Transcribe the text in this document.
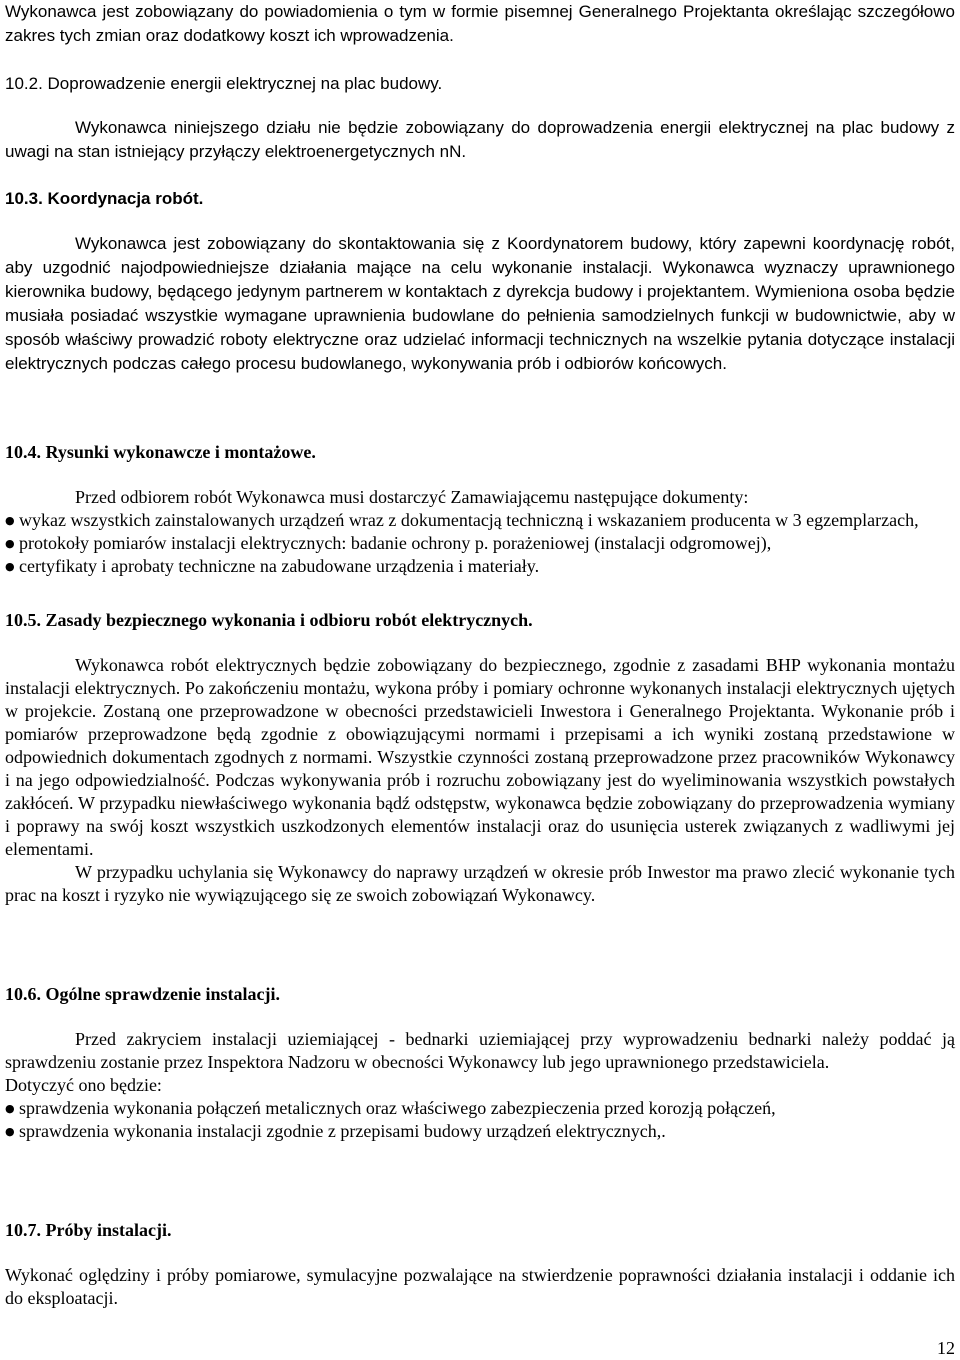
Wykonawca jest zobowiązany do powiadomienia o tym w formie pisemnej Generalnego Projektanta określając szczegółowo zakres tych zmian oraz dodatkowy koszt ich wprowadzenia.

10.2. Doprowadzenie energii elektrycznej na plac budowy.

Wykonawca niniejszego działu nie będzie zobowiązany do doprowadzenia energii elektrycznej na plac budowy z uwagi na stan istniejący przyłączy elektroenergetycznych nN.

10.3. Koordynacja robót.

Wykonawca jest zobowiązany do skontaktowania się z Koordynatorem budowy, który zapewni koordynację robót, aby uzgodnić najodpowiedniejsze działania mające na celu wykonanie instalacji. Wykonawca wyznaczy uprawnionego kierownika budowy, będącego jedynym partnerem w kontaktach z dyrekcja budowy i projektantem. Wymieniona osoba będzie musiała posiadać wszystkie wymagane uprawnienia budowlane do pełnienia samodzielnych funkcji w budownictwie, aby w sposób właściwy prowadzić roboty elektryczne oraz udzielać informacji technicznych na wszelkie pytania dotyczące instalacji elektrycznych podczas całego procesu budowlanego, wykonywania prób i odbiorów końcowych.

10.4. Rysunki wykonawcze i montażowe.

Przed odbiorem robót Wykonawca musi dostarczyć Zamawiającemu następujące dokumenty:

● wykaz wszystkich zainstalowanych urządzeń wraz z dokumentacją techniczną i wskazaniem producenta w 3 egzemplarzach,
● protokoły pomiarów instalacji elektrycznych: badanie ochrony p. porażeniowej (instalacji odgromowej),
● certyfikaty i aprobaty techniczne na zabudowane urządzenia i materiały.
10.5. Zasady bezpiecznego wykonania i odbioru robót elektrycznych.

Wykonawca robót elektrycznych będzie zobowiązany do bezpiecznego, zgodnie z zasadami BHP wykonania montażu instalacji elektrycznych. Po zakończeniu montażu, wykona próby i pomiary ochronne wykonanych instalacji elektrycznych ujętych w projekcie. Zostaną one przeprowadzone w obecności przedstawicieli Inwestora i Generalnego Projektanta. Wykonanie prób i pomiarów przeprowadzone będą zgodnie z obowiązującymi normami i przepisami a ich wyniki zostaną przedstawione w odpowiednich dokumentach zgodnych z normami. Wszystkie czynności zostaną przeprowadzone przez pracowników Wykonawcy i na jego odpowiedzialność. Podczas wykonywania prób i rozruchu zobowiązany jest do wyeliminowania wszystkich powstałych zakłóceń. W przypadku niewłaściwego wykonania bądź odstępstw, wykonawca będzie zobowiązany do przeprowadzenia wymiany i poprawy na swój koszt wszystkich uszkodzonych elementów instalacji oraz do usunięcia usterek związanych z wadliwymi jej elementami.

W przypadku uchylania się Wykonawcy do naprawy urządzeń w okresie prób Inwestor ma prawo zlecić wykonanie tych prac na koszt i ryzyko nie wywiązującego się ze swoich zobowiązań Wykonawcy.

10.6. Ogólne sprawdzenie instalacji.

Przed zakryciem instalacji uziemiającej - bednarki uziemiającej przy wyprowadzeniu bednarki należy poddać ją sprawdzeniu zostanie przez Inspektora Nadzoru w obecności Wykonawcy lub jego uprawnionego przedstawiciela.

Dotyczyć ono będzie:

● sprawdzenia wykonania połączeń metalicznych oraz właściwego zabezpieczenia przed korozją połączeń,
● sprawdzenia wykonania instalacji zgodnie z przepisami budowy urządzeń elektrycznych,.
10.7. Próby instalacji.

Wykonać oględziny i próby pomiarowe, symulacyjne pozwalające na stwierdzenie poprawności działania instalacji i oddanie ich do eksploatacji.

12
